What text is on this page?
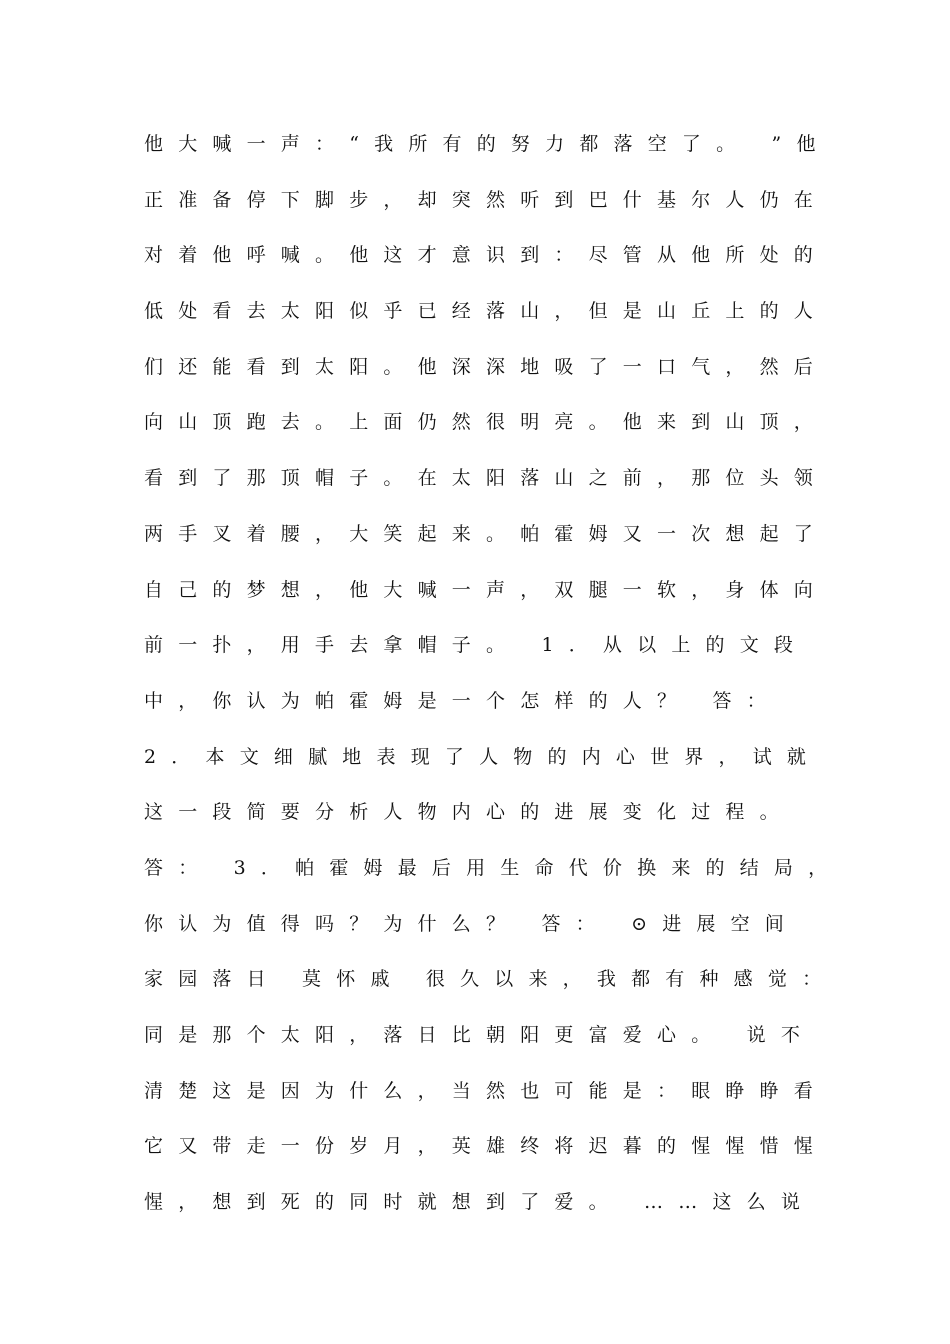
他大喊一声：“我所有的努力都落空了。 ”他
正准备停下脚步，却突然听到巴什基尔人仍在
对着他呼喊。他这才意识到：尽管从他所处的
低处看去太阳似乎已经落山，但是山丘上的人
们还能看到太阳。他深深地吸了一口气，然后
向山顶跑去。上面仍然很明亮。他来到山顶，
看到了那顶帽子。在太阳落山之前，那位头领
两手叉着腰，大笑起来。帕霍姆又一次想起了
自己的梦想，他大喊一声，双腿一软，身体向
前一扑，用手去拿帽子。 1．从以上的文段
中，你认为帕霍姆是一个怎样的人？ 答：
2．本文细腻地表现了人物的内心世界，试就
这一段简要分析人物内心的进展变化过程。
答： 3．帕霍姆最后用生命代价换来的结局，
你认为值得吗？为什么？ 答： ⊙进展空间
家园落日 莫怀戚 很久以来，我都有种感觉：
同是那个太阳，落日比朝阳更富爱心。 说不
清楚这是因为什么，当然也可能是：眼睁睁看
它又带走一份岁月，英雄终将迟暮的惺惺惜惺
惺，想到死的同时就想到了爱。 ……这么说
